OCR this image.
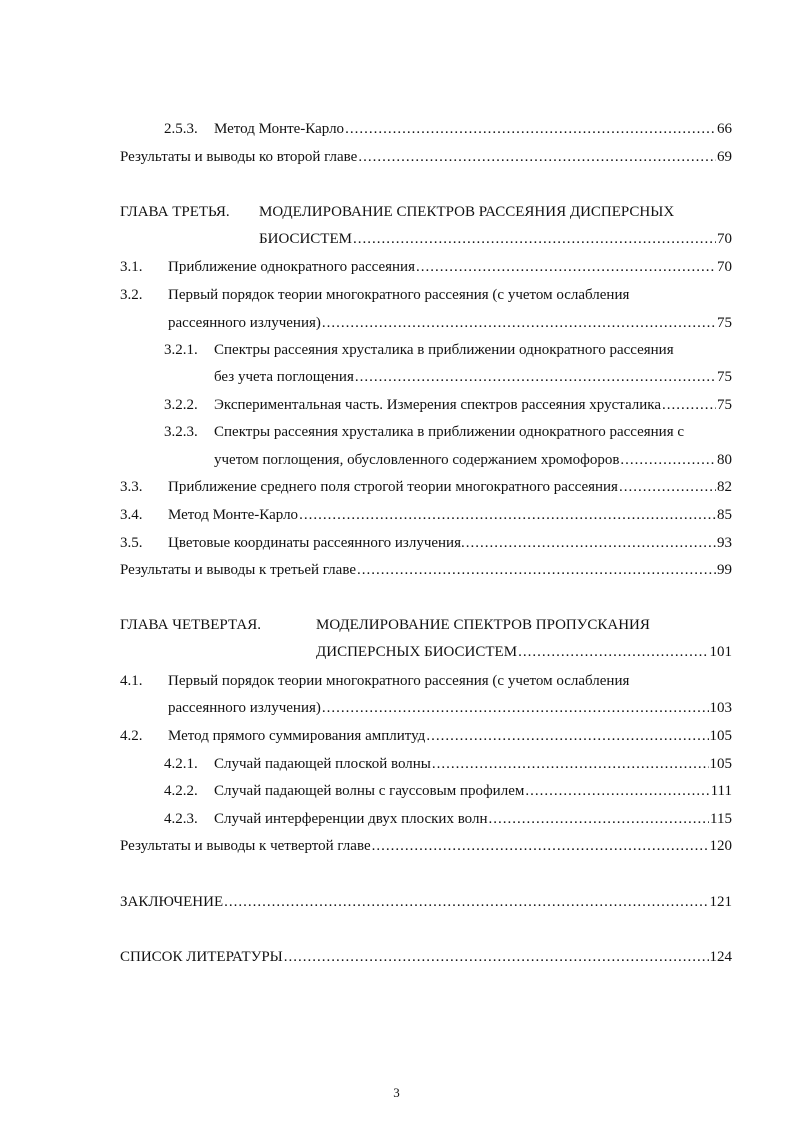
2.5.3. Метод Монте-Карло .....	66
Результаты и выводы ко второй главе .....	69
ГЛАВА ТРЕТЬЯ. МОДЕЛИРОВАНИЕ СПЕКТРОВ РАССЕЯНИЯ ДИСПЕРСНЫХ
БИОСИСТЕМ .....	70
3.1. Приближение однократного рассеяния .....	70
3.2. Первый порядок теории многократного рассеяния (с учетом ослабления
рассеянного излучения) .....	75
3.2.1. Спектры рассеяния хрусталика в приближении однократного рассеяния
без учета поглощения .....	75
3.2.2. Экспериментальная часть. Измерения спектров рассеяния хрусталика .....	75
3.2.3. Спектры рассеяния хрусталика в приближении однократного рассеяния с
учетом поглощения, обусловленного содержанием хромофоров .....	80
3.3. Приближение среднего поля строгой теории многократного рассеяния .....	82
3.4. Метод Монте-Карло .....	85
3.5. Цветовые координаты рассеянного излучения. .....	93
Результаты и выводы к третьей главе .....	99
ГЛАВА ЧЕТВЕРТАЯ.	МОДЕЛИРОВАНИЕ СПЕКТРОВ ПРОПУСКАНИЯ
ДИСПЕРСНЫХ БИОСИСТЕМ .....	101
4.1. Первый порядок теории многократного рассеяния (с учетом ослабления
рассеянного излучения) .....	103
4.2. Метод прямого суммирования амплитуд .....	105
4.2.1. Случай падающей плоской волны .....	105
4.2.2. Случай падающей волны с гауссовым профилем .....	111
4.2.3. Случай интерференции двух плоских волн .....	115
Результаты и выводы к четвертой главе .....	120
ЗАКЛЮЧЕНИЕ .....	121
СПИСОК ЛИТЕРАТУРЫ .....	124
3
